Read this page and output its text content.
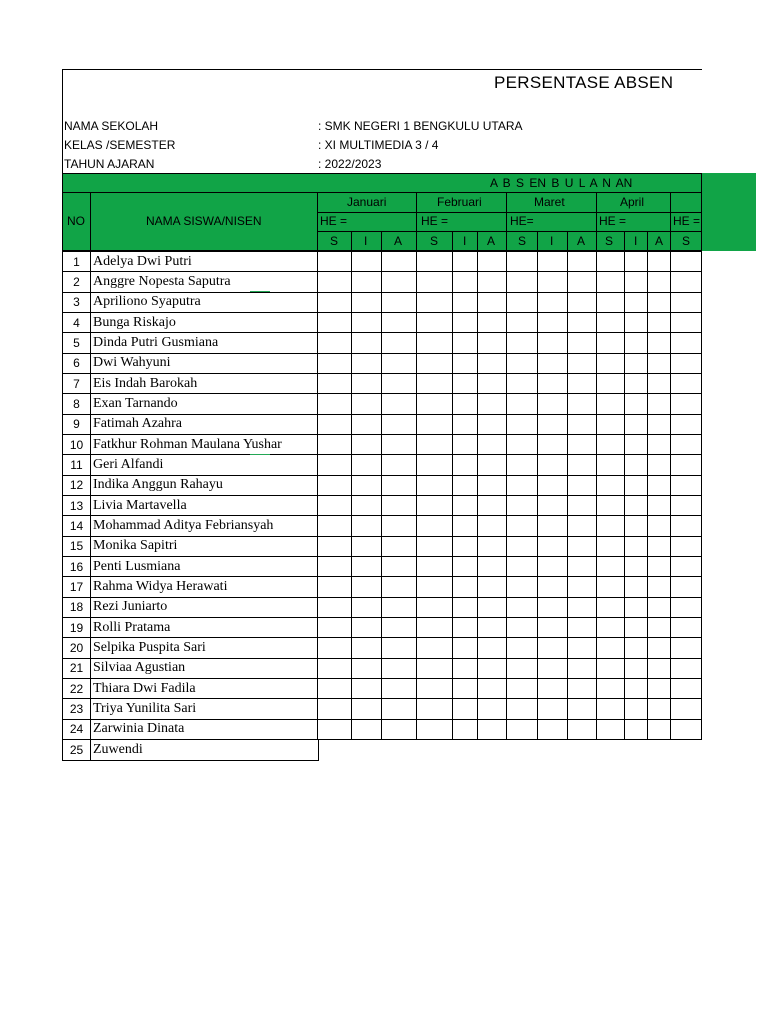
PERSENTASE ABSEN
NAMA SEKOLAH	: SMK NEGERI 1 BENGKULU UTARA
KELAS /SEMESTER	: XI MULTIMEDIA 3 / 4
TAHUN AJARAN	: 2022/2023
A B S EN B U L A N AN
NO	NAMA SISWA/NISEN
Januari	Februari	Maret	April
HE =	HE =	HE=	HE =	HE =
S I A S I A S I A S I A S
1	Adelya Dwi Putri													
2	Anggre Nopesta Saputra													
3	Apriliono Syaputra													
4	Bunga Riskajo													
5	Dinda Putri Gusmiana													
6	Dwi Wahyuni													
7	Eis Indah Barokah													
8	Exan Tarnando													
9	Fatimah Azahra													
10	Fatkhur Rohman Maulana Yushar													
11	Geri Alfandi													
12	Indika Anggun Rahayu													
13	Livia Martavella													
14	Mohammad Aditya Febriansyah													
15	Monika Sapitri													
16	Penti Lusmiana													
17	Rahma Widya Herawati													
18	Rezi Juniarto													
19	Rolli Pratama													
20	Selpika Puspita Sari													
21	Silviaa Agustian													
22	Thiara Dwi Fadila													
23	Triya Yunilita Sari													
24	Zarwinia Dinata													
25	Zuwendi
